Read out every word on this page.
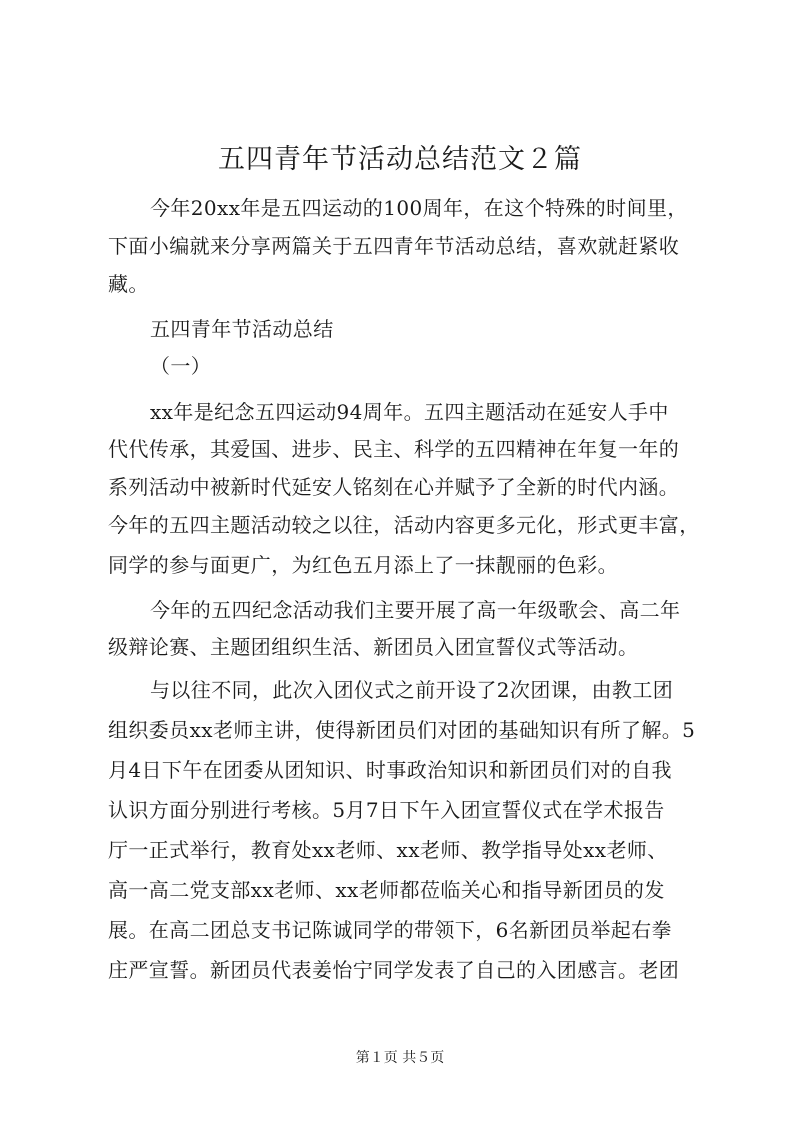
五四青年节活动总结范文２篇
今年20xx年是五四运动的100周年，在这个特殊的时间里，
下面小编就来分享两篇关于五四青年节活动总结，喜欢就赶紧收
藏。
五四青年节活动总结
（一）
xx年是纪念五四运动94周年。五四主题活动在延安人手中
代代传承，其爱国、进步、民主、科学的五四精神在年复一年的
系列活动中被新时代延安人铭刻在心并赋予了全新的时代内涵。
今年的五四主题活动较之以往，活动内容更多元化，形式更丰富，
同学的参与面更广，为红色五月添上了一抹靓丽的色彩。
今年的五四纪念活动我们主要开展了高一年级歌会、高二年
级辩论赛、主题团组织生活、新团员入团宣誓仪式等活动。
与以往不同，此次入团仪式之前开设了2次团课，由教工团
组织委员xx老师主讲，使得新团员们对团的基础知识有所了解。5
月4日下午在团委从团知识、时事政治知识和新团员们对的自我
认识方面分别进行考核。5月7日下午入团宣誓仪式在学术报告
厅一正式举行，教育处xx老师、xx老师、教学指导处xx老师、
高一高二党支部xx老师、xx老师都莅临关心和指导新团员的发
展。在高二团总支书记陈诚同学的带领下，6名新团员举起右拳
庄严宣誓。新团员代表姜怡宁同学发表了自己的入团感言。老团
第１页 共５页
